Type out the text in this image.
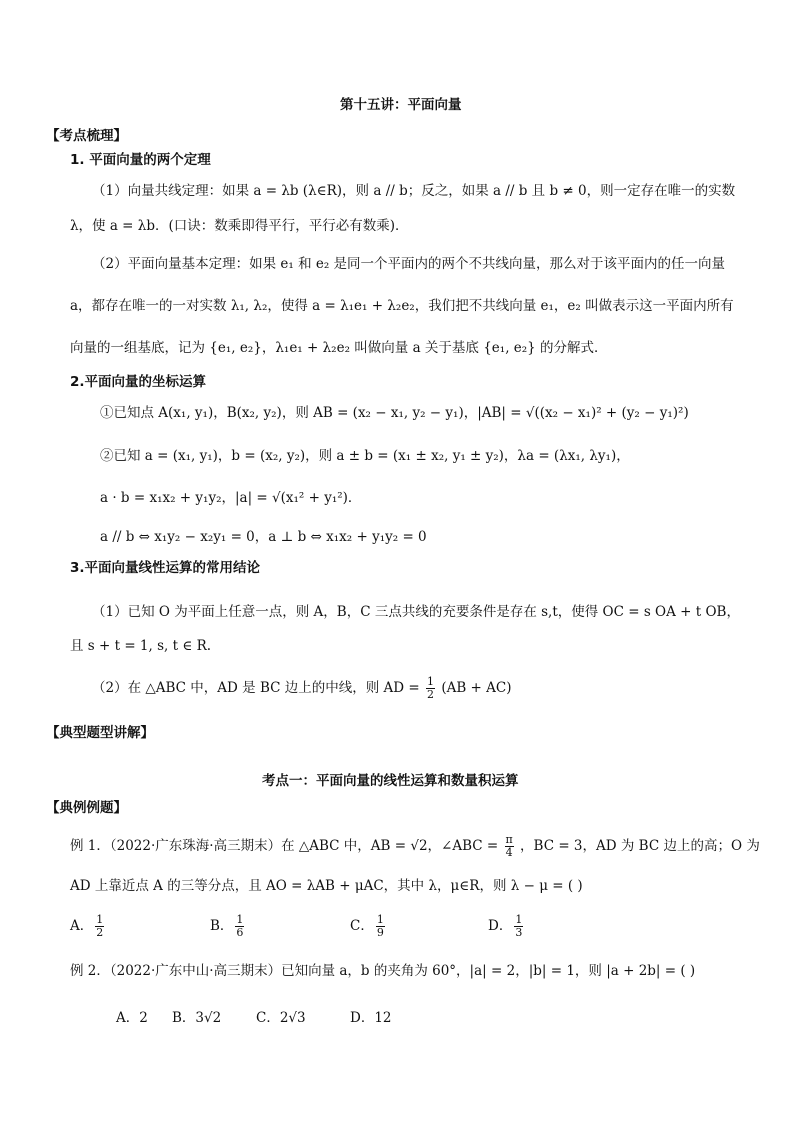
第十五讲：平面向量
【考点梳理】
1. 平面向量的两个定理
（1）向量共线定理：如果 a = λb (λ∈R)，则 a // b；反之，如果 a // b 且 b ≠ 0，则一定存在唯一的实数
λ，使 a = λb．(口诀：数乘即得平行，平行必有数乘)．
（2）平面向量基本定理：如果 e₁ 和 e₂ 是同一个平面内的两个不共线向量，那么对于该平面内的任一向量
a，都存在唯一的一对实数 λ₁, λ₂，使得 a = λ₁e₁ + λ₂e₂，我们把不共线向量 e₁，e₂ 叫做表示这一平面内所有
向量的一组基底，记为 {e₁, e₂}，λ₁e₁ + λ₂e₂ 叫做向量 a 关于基底 {e₁, e₂} 的分解式．
2.平面向量的坐标运算
①已知点 A(x₁, y₁)，B(x₂, y₂)，则 AB = (x₂ − x₁, y₂ − y₁)，|AB| = √((x₂ − x₁)² + (y₂ − y₁)²)
②已知 a = (x₁, y₁)，b = (x₂, y₂)，则 a ± b = (x₁ ± x₂, y₁ ± y₂)，λa = (λx₁, λy₁)，
a · b = x₁x₂ + y₁y₂，|a| = √(x₁² + y₁²)．
a // b ⇔ x₁y₂ − x₂y₁ = 0，a ⊥ b ⇔ x₁x₂ + y₁y₂ = 0
3.平面向量线性运算的常用结论
（1）已知 O 为平面上任意一点，则 A，B，C 三点共线的充要条件是存在 s,t，使得 OC = s OA + t OB，
且 s + t = 1, s, t ∈ R.
（2）在 △ABC 中，AD 是 BC 边上的中线，则 AD = $\frac{1}{2} (AB + AC)$
【典型题型讲解】
考点一：平面向量的线性运算和数量积运算
【典例例题】
例 1．（2022·广东珠海·高三期末）在 △ABC 中，AB = √2，∠ABC = $\frac{\pi}{4}$ ，BC = 3，AD 为 BC 边上的高；O 为
AD 上靠近点 A 的三等分点，且 AO = λAB + μAC，其中 λ，μ∈R，则 λ − μ = ( )
A． $\frac{1}{2}$	B． $\frac{1}{6}$	C． $\frac{1}{9}$	D． $\frac{1}{3}$
例 2．（2022·广东中山·高三期末）已知向量 a，b 的夹角为 60°，|a| = 2，|b| = 1，则 |a + 2b| = ( )
A．2 B．3√2	C．2√3	D．12
